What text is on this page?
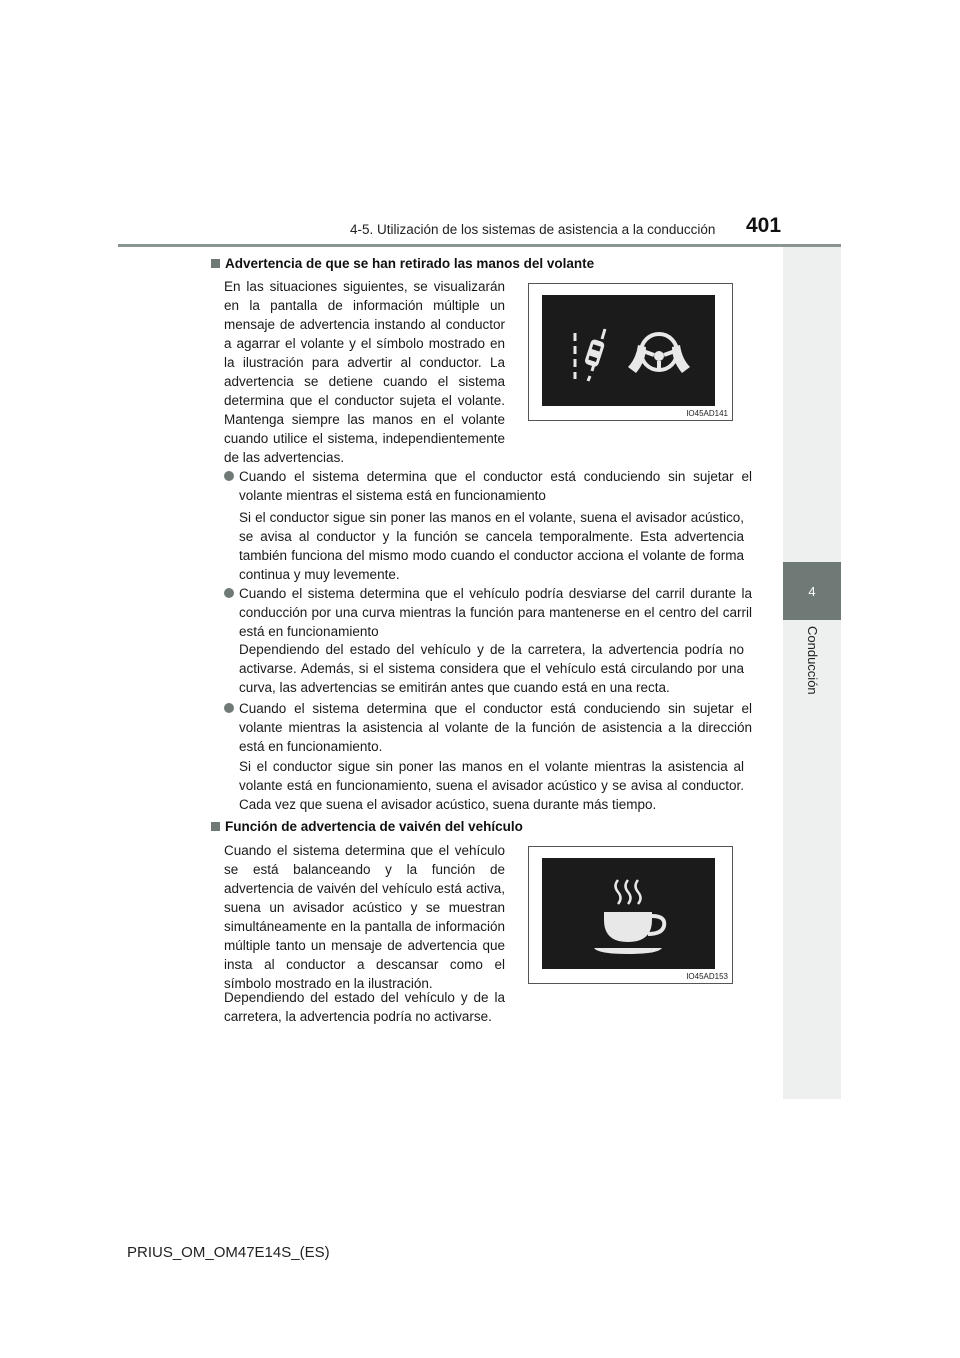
4-5. Utilización de los sistemas de asistencia a la conducción 401
4
Conducción
Advertencia de que se han retirado las manos del volante
En las situaciones siguientes, se visualizarán en la pantalla de información múltiple un mensaje de advertencia instando al conductor a agarrar el volante y el símbolo mostrado en la ilustración para advertir al conductor. La advertencia se detiene cuando el sistema determina que el conductor sujeta el volante. Mantenga siempre las manos en el volante cuando utilice el sistema, independientemente de las advertencias.
IO45AD141
Cuando el sistema determina que el conductor está conduciendo sin sujetar el volante mientras el sistema está en funcionamiento
Si el conductor sigue sin poner las manos en el volante, suena el avisador acústico, se avisa al conductor y la función se cancela temporalmente. Esta advertencia también funciona del mismo modo cuando el conductor acciona el volante de forma continua y muy levemente.
Cuando el sistema determina que el vehículo podría desviarse del carril durante la conducción por una curva mientras la función para mantenerse en el centro del carril está en funcionamiento
Dependiendo del estado del vehículo y de la carretera, la advertencia podría no activarse. Además, si el sistema considera que el vehículo está circulando por una curva, las advertencias se emitirán antes que cuando está en una recta.
Cuando el sistema determina que el conductor está conduciendo sin sujetar el volante mientras la asistencia al volante de la función de asistencia a la dirección está en funcionamiento.
Si el conductor sigue sin poner las manos en el volante mientras la asistencia al volante está en funcionamiento, suena el avisador acústico y se avisa al conductor. Cada vez que suena el avisador acústico, suena durante más tiempo.
Función de advertencia de vaivén del vehículo
Cuando el sistema determina que el vehículo se está balanceando y la función de advertencia de vaivén del vehículo está activa, suena un avisador acústico y se muestran simultáneamente en la pantalla de información múltiple tanto un mensaje de advertencia que insta al conductor a descansar como el símbolo mostrado en la ilustración.
Dependiendo del estado del vehículo y de la carretera, la advertencia podría no activarse.
IO45AD153
PRIUS_OM_OM47E14S_(ES)
